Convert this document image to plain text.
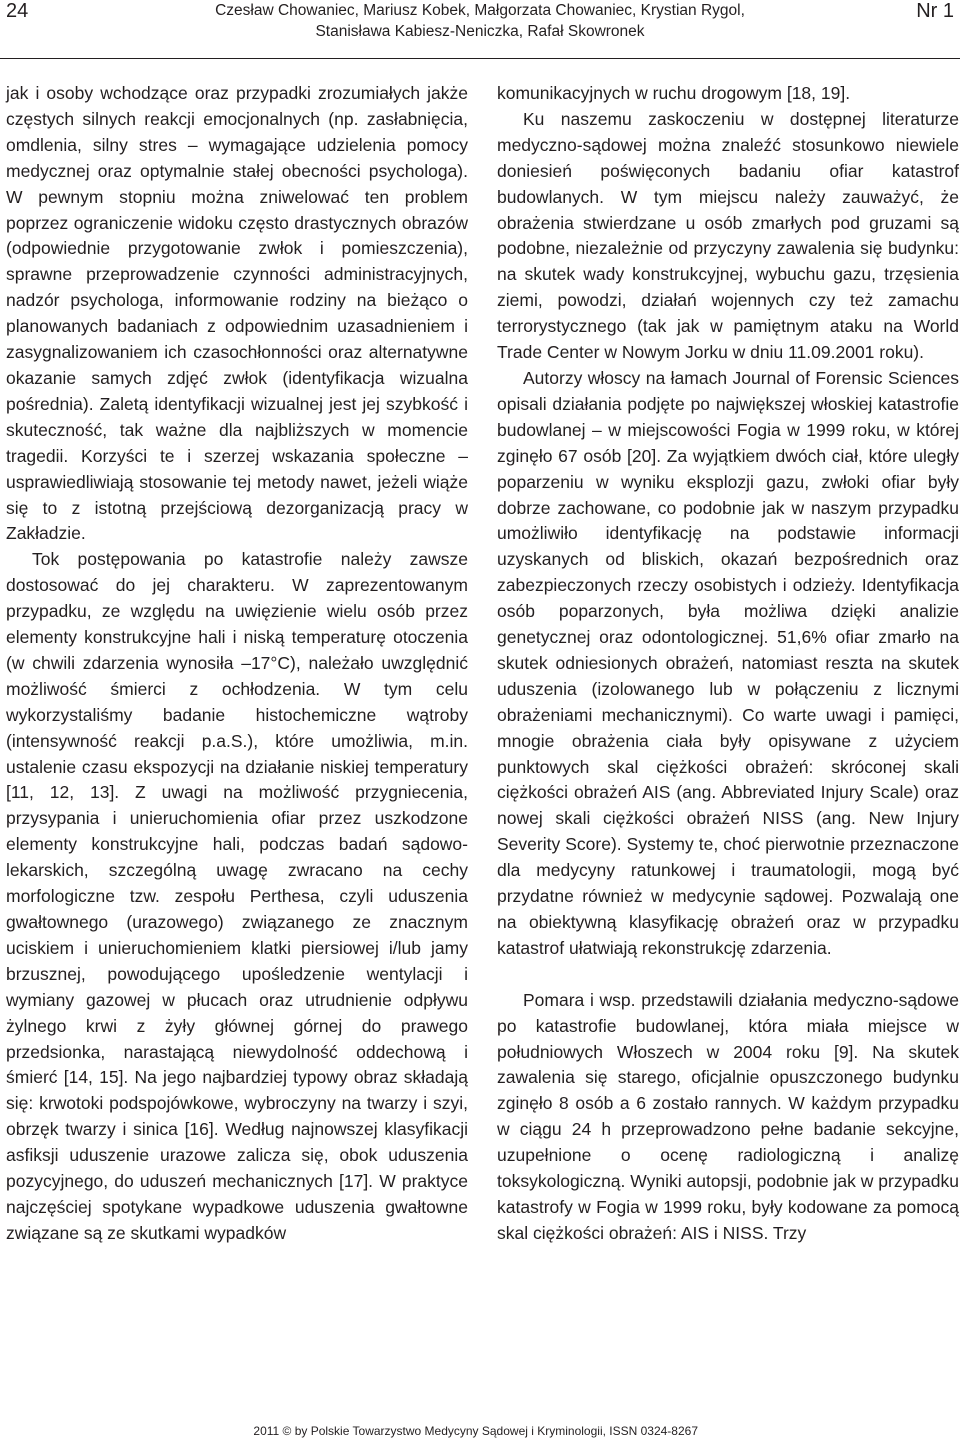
24	Czesław Chowaniec, Mariusz Kobek, Małgorzata Chowaniec, Krystian Rygol,
Stanisława Kabiesz-Neniczka, Rafał Skowronek
Nr 1

jak i osoby wchodzące oraz przypadki zrozumiałych jakże częstych silnych reakcji emocjonalnych (np. zasłabnięcia, omdlenia, silny stres – wymagające udzielenia pomocy medycznej oraz optymalnie stałej obecności psychologa). W pewnym stopniu można zniwelować ten problem poprzez ograniczenie widoku często drastycznych obrazów (odpowiednie przygotowanie zwłok i pomieszczenia), sprawne przeprowadzenie czynności administracyjnych, nadzór psychologa, informowanie rodziny na bieżąco o planowanych badaniach z odpowiednim uzasadnieniem i zasygnalizowaniem ich czasochłonności oraz alternatywne okazanie samych zdjęć zwłok (identyfikacja wizualna pośrednia). Zaletą identyfikacji wizualnej jest jej szybkość i skuteczność, tak ważne dla najbliższych w momencie tragedii. Korzyści te i szerzej wskazania społeczne – usprawiedliwiają stosowanie tej metody nawet, jeżeli wiąże się to z istotną przejściową dezorganizacją pracy w Zakładzie.

Tok postępowania po katastrofie należy zawsze dostosować do jej charakteru. W zaprezentowanym przypadku, ze względu na uwięzienie wielu osób przez elementy konstrukcyjne hali i niską temperaturę otoczenia (w chwili zdarzenia wynosiła –17°C), należało uwzględnić możliwość śmierci z ochłodzenia. W tym celu wykorzystaliśmy badanie histochemiczne wątroby (intensywność reakcji p.a.S.), które umożliwia, m.in. ustalenie czasu ekspozycji na działanie niskiej temperatury [11, 12, 13]. Z uwagi na możliwość przygniecenia, przysypania i unieruchomienia ofiar przez uszkodzone elementy konstrukcyjne hali, podczas badań sądowo-lekarskich, szczególną uwagę zwracano na cechy morfologiczne tzw. zespołu Perthesa, czyli uduszenia gwałtownego (urazowego) związanego ze znacznym uciskiem i unieruchomieniem klatki piersiowej i/lub jamy brzusznej, powodującego upośledzenie wentylacji i wymiany gazowej w płucach oraz utrudnienie odpływu żylnego krwi z żyły głównej górnej do prawego przedsionka, narastającą niewydolność oddechową i śmierć [14, 15]. Na jego najbardziej typowy obraz składają się: krwotoki podspojówkowe, wybroczyny na twarzy i szyi, obrzęk twarzy i sinica [16]. Według najnowszej klasyfikacji asfiksji uduszenie urazowe zalicza się, obok uduszenia pozycyjnego, do uduszeń mechanicznych [17]. W praktyce najczęściej spotykane wypadkowe uduszenia gwałtowne związane są ze skutkami wypadków

komunikacyjnych w ruchu drogowym [18, 19].

Ku naszemu zaskoczeniu w dostępnej literaturze medyczno-sądowej można znaleźć stosunkowo niewiele doniesień poświęconych badaniu ofiar katastrof budowlanych. W tym miejscu należy zauważyć, że obrażenia stwierdzane u osób zmarłych pod gruzami są podobne, niezależnie od przyczyny zawalenia się budynku: na skutek wady konstrukcyjnej, wybuchu gazu, trzęsienia ziemi, powodzi, działań wojennych czy też zamachu terrorystycznego (tak jak w pamiętnym ataku na World Trade Center w Nowym Jorku w dniu 11.09.2001 roku).

Autorzy włoscy na łamach Journal of Forensic Sciences opisali działania podjęte po największej włoskiej katastrofie budowlanej – w miejscowości Fogia w 1999 roku, w której zginęło 67 osób [20]. Za wyjątkiem dwóch ciał, które uległy poparzeniu w wyniku eksplozji gazu, zwłoki ofiar były dobrze zachowane, co podobnie jak w naszym przypadku umożliwiło identyfikację na podstawie informacji uzyskanych od bliskich, okazań bezpośrednich oraz zabezpieczonych rzeczy osobistych i odzieży. Identyfikacja osób poparzonych, była możliwa dzięki analizie genetycznej oraz odontologicznej. 51,6% ofiar zmarło na skutek odniesionych obrażeń, natomiast reszta na skutek uduszenia (izolowanego lub w połączeniu z licznymi obrażeniami mechanicznymi). Co warte uwagi i pamięci, mnogie obrażenia ciała były opisywane z użyciem punktowych skal ciężkości obrażeń: skróconej skali ciężkości obrażeń AIS (ang. Abbreviated Injury Scale) oraz nowej skali ciężkości obrażeń NISS (ang. New Injury Severity Score). Systemy te, choć pierwotnie przeznaczone dla medycyny ratunkowej i traumatologii, mogą być przydatne również w medycynie sądowej. Pozwalają one na obiektywną klasyfikację obrażeń oraz w przypadku katastrof ułatwiają rekonstrukcję zdarzenia.

Pomara i wsp. przedstawili działania medyczno-sądowe po katastrofie budowlanej, która miała miejsce w południowych Włoszech w 2004 roku [9]. Na skutek zawalenia się starego, oficjalnie opuszczonego budynku zginęło 8 osób a 6 zostało rannych. W każdym przypadku w ciągu 24 h przeprowadzono pełne badanie sekcyjne, uzupełnione o ocenę radiologiczną i analizę toksykologiczną. Wyniki autopsji, podobnie jak w przypadku katastrofy w Fogia w 1999 roku, były kodowane za pomocą skal ciężkości obrażeń: AIS i NISS. Trzy

2011 © by Polskie Towarzystwo Medycyny Sądowej i Kryminologii, ISSN 0324-8267
